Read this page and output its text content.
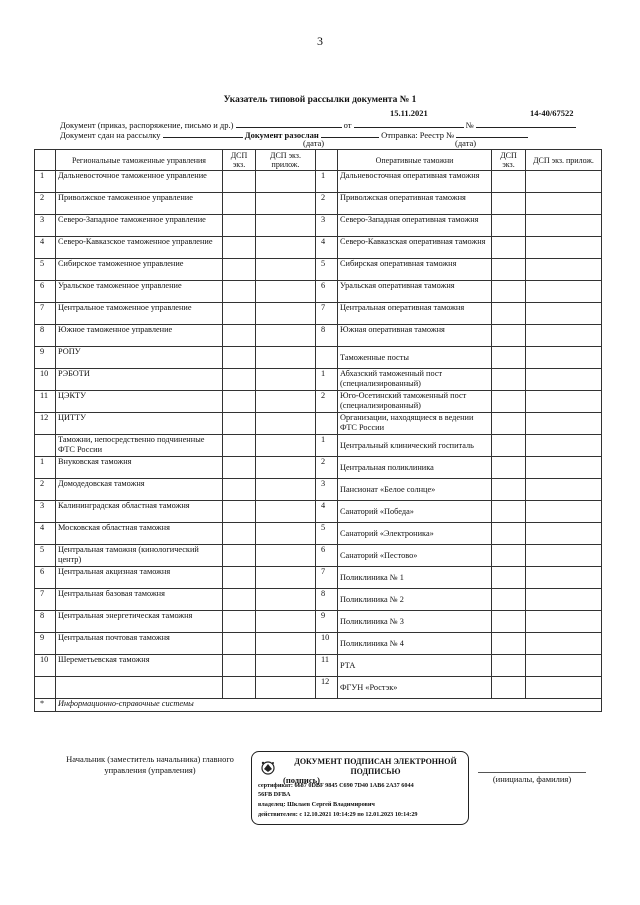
3
Указатель типовой рассылки документа № 1
15.11.2021	14-40/67522
Документ (приказ, распоряжение, письмо и др.)	от	№
Документ сдан на рассылку	Документ разослан	Отправка: Реестр №
(дата)	(дата)
	Региональные таможенные управления	ДСП экз.	ДСП экз. прилож.		Оперативные таможни	ДСП экз.	ДСП экз. прилож.
1	Дальневосточное таможенное управление			1	Дальневосточная оперативная таможня		
2	Приволжское таможенное управление			2	Приволжская оперативная таможня		
3	Северо-Западное таможенное управление			3	Северо-Западная оперативная таможня		
4	Северо-Кавказское таможенное управление			4	Северо-Кавказская оперативная таможня		
5	Сибирское таможенное управление			5	Сибирская оперативная таможня		
6	Уральское таможенное управление			6	Уральская оперативная таможня		
7	Центральное таможенное управление			7	Центральная оперативная таможня		
8	Южное таможенное управление			8	Южная оперативная таможня		
9	РОПУ				Таможенные посты		
10	РЭБОТИ			1	Абхазский таможенный пост (специализированный)		
11	ЦЭКТУ			2	Юго-Осетинский таможенный пост (специализированный)		
12	ЦИТТУ				Организации, находящиеся в ведении ФТС России		
	Таможни, непосредственно подчиненные ФТС России			1	Центральный клинический госпиталь		
1	Внуковская таможня			2	Центральная поликлиника		
2	Домодедовская таможня			3	Пансионат «Белое солнце»		
3	Калининградская областная таможня			4	Санаторий «Победа»		
4	Московская областная таможня			5	Санаторий «Электроника»		
5	Центральная таможня (кинологический центр)			6	Санаторий «Пестово»		
6	Центральная акцизная таможня			7	Поликлиника № 1		
7	Центральная базовая таможня			8	Поликлиника № 2		
8	Центральная энергетическая таможня			9	Поликлиника № 3		
9	Центральная почтовая таможня			10	Поликлиника № 4		
10	Шереметьевская таможня			11	РТА		
				12	ФГУН «Ростэк»		
*	Информационно-справочные системы						
Начальник (заместитель начальника) главного управления (управления)
ДОКУМЕНТ ПОДПИСАН ЭЛЕКТРОННОЙ ПОДПИСЬЮ
сертификат: 6687 0DBF 9845 C690 7D40 1AB6 2A37 6044
56FB DFBA
владелец: Шклаев Сергей Владимирович
действителен: с 12.10.2021 10:14:29 по 12.01.2023 10:14:29
(подпись)	(инициалы, фамилия)
